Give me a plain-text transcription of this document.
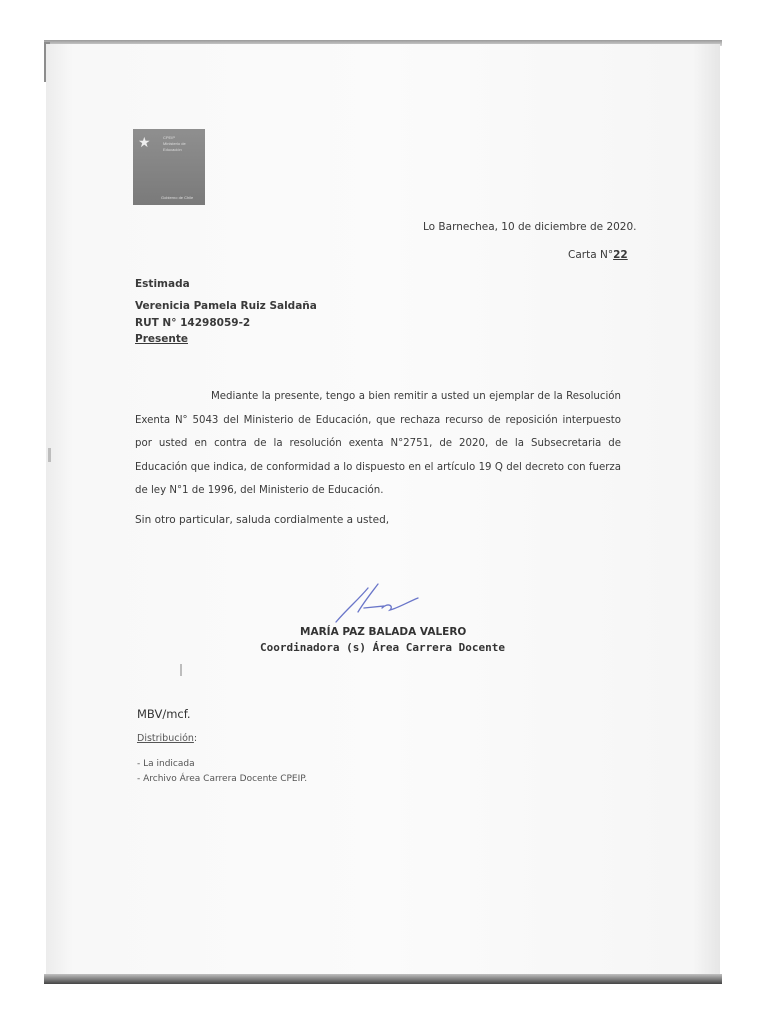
★	CPEIP
Ministerio de
Educación
Gobierno de Chile
Lo Barnechea, 10 de diciembre de 2020.
Carta N°22
Estimada
Verenicia Pamela Ruiz Saldaña
RUT N° 14298059-2
Presente
Mediante la presente, tengo a bien remitir a usted un ejemplar de la Resolución Exenta N° 5043 del Ministerio de Educación, que rechaza recurso de reposición interpuesto por usted en contra de la resolución exenta N°2751, de 2020, de la Subsecretaria de Educación que indica, de conformidad a lo dispuesto en el artículo 19 Q del decreto con fuerza de ley N°1 de 1996, del Ministerio de Educación.
Sin otro particular, saluda cordialmente a usted,
MARÍA PAZ BALADA VALERO
Coordinadora (s) Área Carrera Docente
MBV/mcf.
Distribución:
- La indicada
- Archivo Área Carrera Docente CPEIP.
